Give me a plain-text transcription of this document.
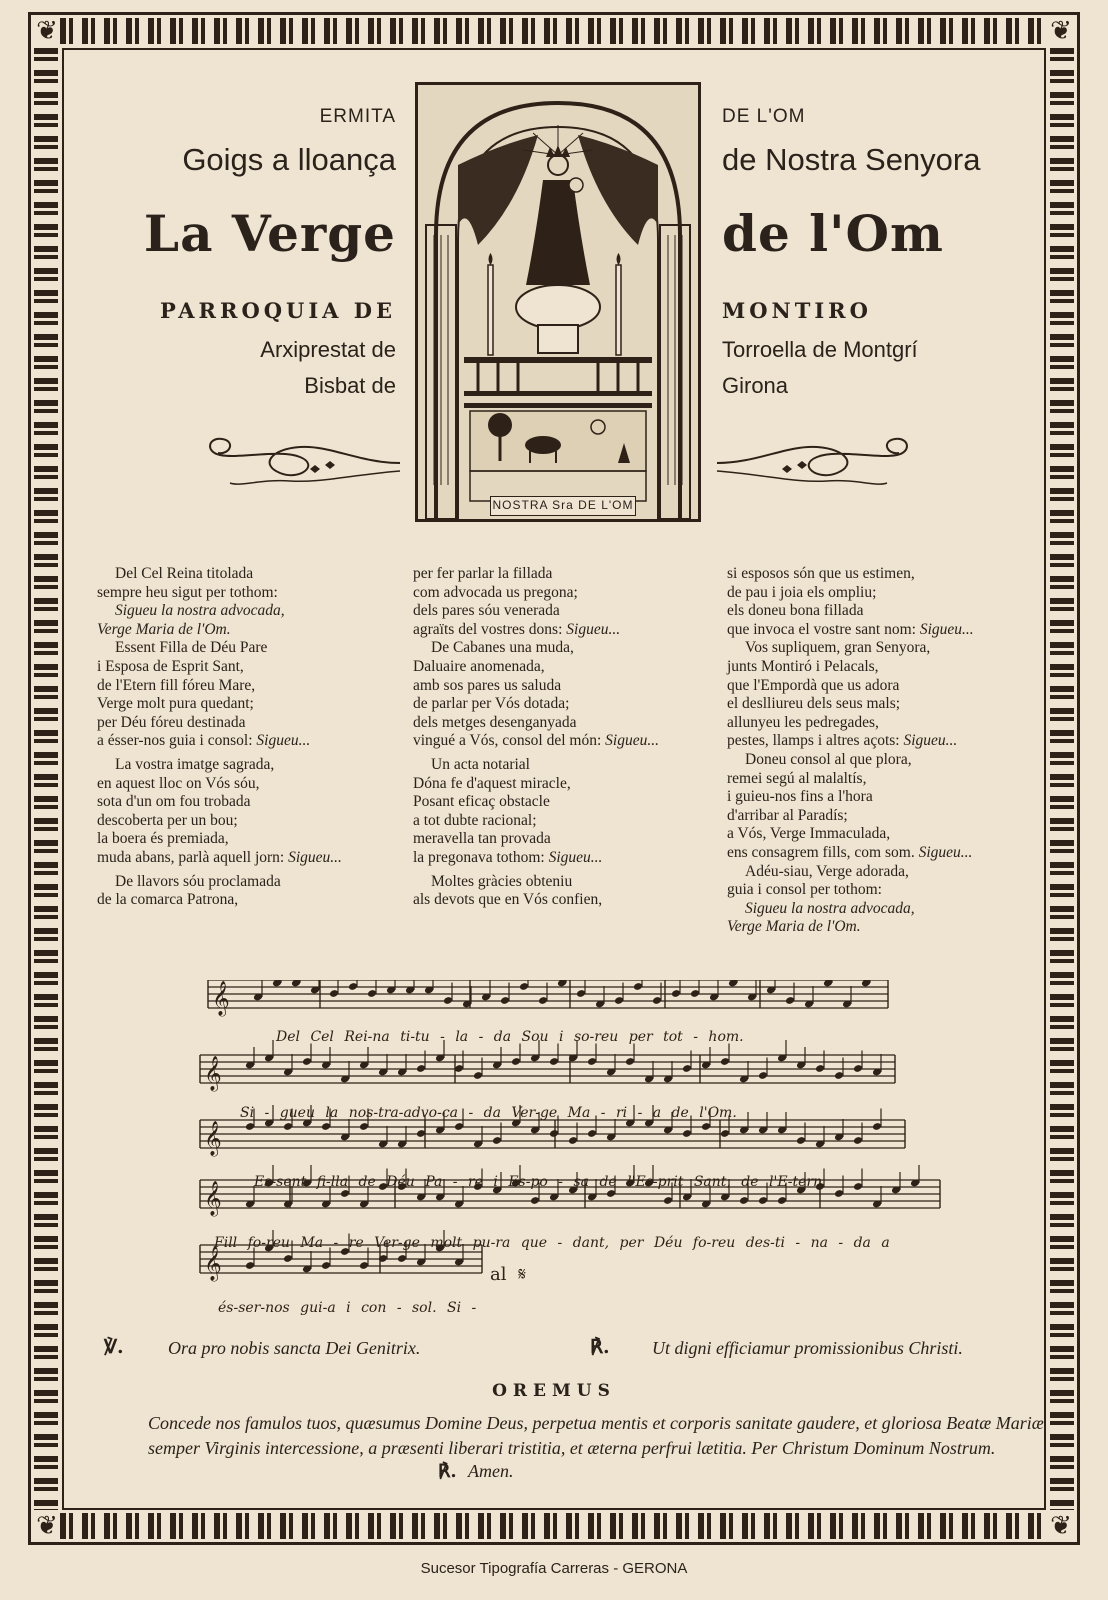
❦	❦
❦	❦
ERMITA
Goigs a lloança
La Verge
PARROQUIA DE
Arxiprestat de
Bisbat de
DE L'OM
de Nostra Senyora
de l'Om
MONTIRO
Torroella de Montgrí
Girona
NOSTRA Sra DE L'OM
Del Cel Reina titolada
sempre heu sigut per tothom:
Sigueu la nostra advocada,
Verge Maria de l'Om.
Essent Filla de Déu Pare
i Esposa de Esprit Sant,
de l'Etern fill fóreu Mare,
Verge molt pura quedant;
per Déu fóreu destinada
a ésser-nos guia i consol: Sigueu...
La vostra imatge sagrada,
en aquest lloc on Vós sóu,
sota d'un om fou trobada
descoberta per un bou;
la boera és premiada,
muda abans, parlà aquell jorn: Sigueu...
De llavors sóu proclamada
de la comarca Patrona,
per fer parlar la fillada
com advocada us pregona;
dels pares sóu venerada
agraïts del vostres dons: Sigueu...
De Cabanes una muda,
Daluaire anomenada,
amb sos pares us saluda
de parlar per Vós dotada;
dels metges desenganyada
vingué a Vós, consol del món: Sigueu...
Un acta notarial
Dóna fe d'aquest miracle,
Posant eficaç obstacle
a tot dubte racional;
meravella tan provada
la pregonava tothom: Sigueu...
Moltes gràcies obteniu
als devots que en Vós confien,
si esposos són que us estimen,
de pau i joia els ompliu;
els doneu bona fillada
que invoca el vostre sant nom: Sigueu...
Vos supliquem, gran Senyora,
junts Montiró i Pelacals,
que l'Empordà que us adora
el deslliureu dels seus mals;
allunyeu les pedregades,
pestes, llamps i altres açots: Sigueu...
Doneu consol al que plora,
remei segú al malaltís,
i guieu-nos fins a l'hora
d'arribar al Paradís;
a Vós, Verge Immaculada,
ens consagrem fills, com som. Sigueu...
Adéu-siau, Verge adorada,
guia i consol per tothom:
Sigueu la nostra advocada,
Verge Maria de l'Om.
𝄞
𝄞
𝄞
𝄞
𝄞
Del Cel Rei-na ti-tu - la - da Sou i so-reu per tot - hom.
Si - gueu la nos-tra-advo-ca - da Ver-ge Ma - ri - a de l'Om.
Es-sent fi-lla de Déu Pa - re i Es-po - sa de l'Es-prit Sant, de l'E-tern
Fill fo-reu Ma - re Ver-ge molt pu-ra que - dant, per Déu fo-reu des-ti - na - da a
és-ser-nos gui-a i con - sol. Si -
al 𝄋
℣. Ora pro nobis sancta Dei Genitrix.	℟. Ut digni efficiamur promissionibus Christi.
OREMUS
Concede nos famulos tuos, quæsumus Domine Deus, perpetua mentis et corporis sanitate gaudere, et gloriosa Beatæ Mariæ semper Virginis intercessione, a præsenti liberari tristitia, et æterna perfrui lætitia. Per Christum Dominum Nostrum.
℟. Amen.
Sucesor Tipografía Carreras - GERONA
